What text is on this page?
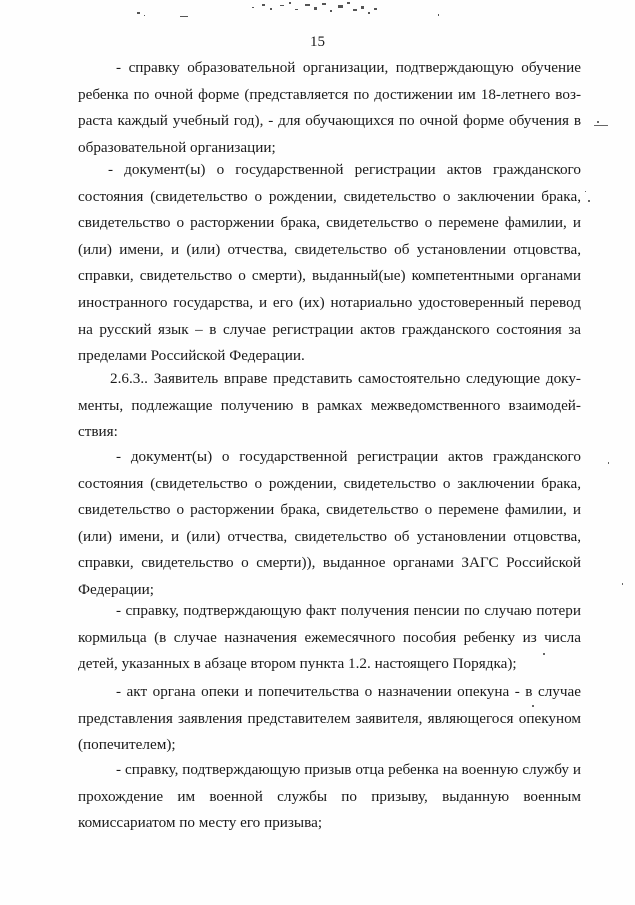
15
- справку образовательной организации, подтверждающую обучение
ребенка по очной форме (представляется по достижении им 18-летнего воз-
раста каждый учебный год), - для обучающихся по очной форме обучения в
образовательной организации;
- документ(ы) о государственной регистрации актов гражданского
состояния (свидетельство о рождении, свидетельство о заключении брака,
свидетельство о расторжении брака, свидетельство о перемене фамилии, и
(или) имени, и (или) отчества, свидетельство об установлении отцовства,
справки, свидетельство о смерти), выданный(ые) компетентными органами
иностранного государства, и его (их) нотариально удостоверенный перевод
на русский язык – в случае регистрации актов гражданского состояния за
пределами Российской Федерации.
2.6.3.. Заявитель вправе представить самостоятельно следующие доку-
менты, подлежащие получению в рамках межведомственного взаимодей-
ствия:
- документ(ы) о государственной регистрации актов гражданского
состояния (свидетельство о рождении, свидетельство о заключении брака,
свидетельство о расторжении брака, свидетельство о перемене фамилии, и
(или) имени, и (или) отчества, свидетельство об установлении отцовства,
справки, свидетельство о смерти)), выданное органами ЗАГС Российской
Федерации;
- справку, подтверждающую факт получения пенсии по случаю потери
кормильца (в случае назначения ежемесячного пособия ребенку из числа
детей, указанных в абзаце втором пункта 1.2. настоящего Порядка);
- акт органа опеки и попечительства о назначении опекуна - в случае
представления заявления представителем заявителя, являющегося опекуном
(попечителем);
- справку, подтверждающую призыв отца ребенка на военную службу и
прохождение им военной службы по призыву, выданную военным
комиссариатом по месту его призыва;
